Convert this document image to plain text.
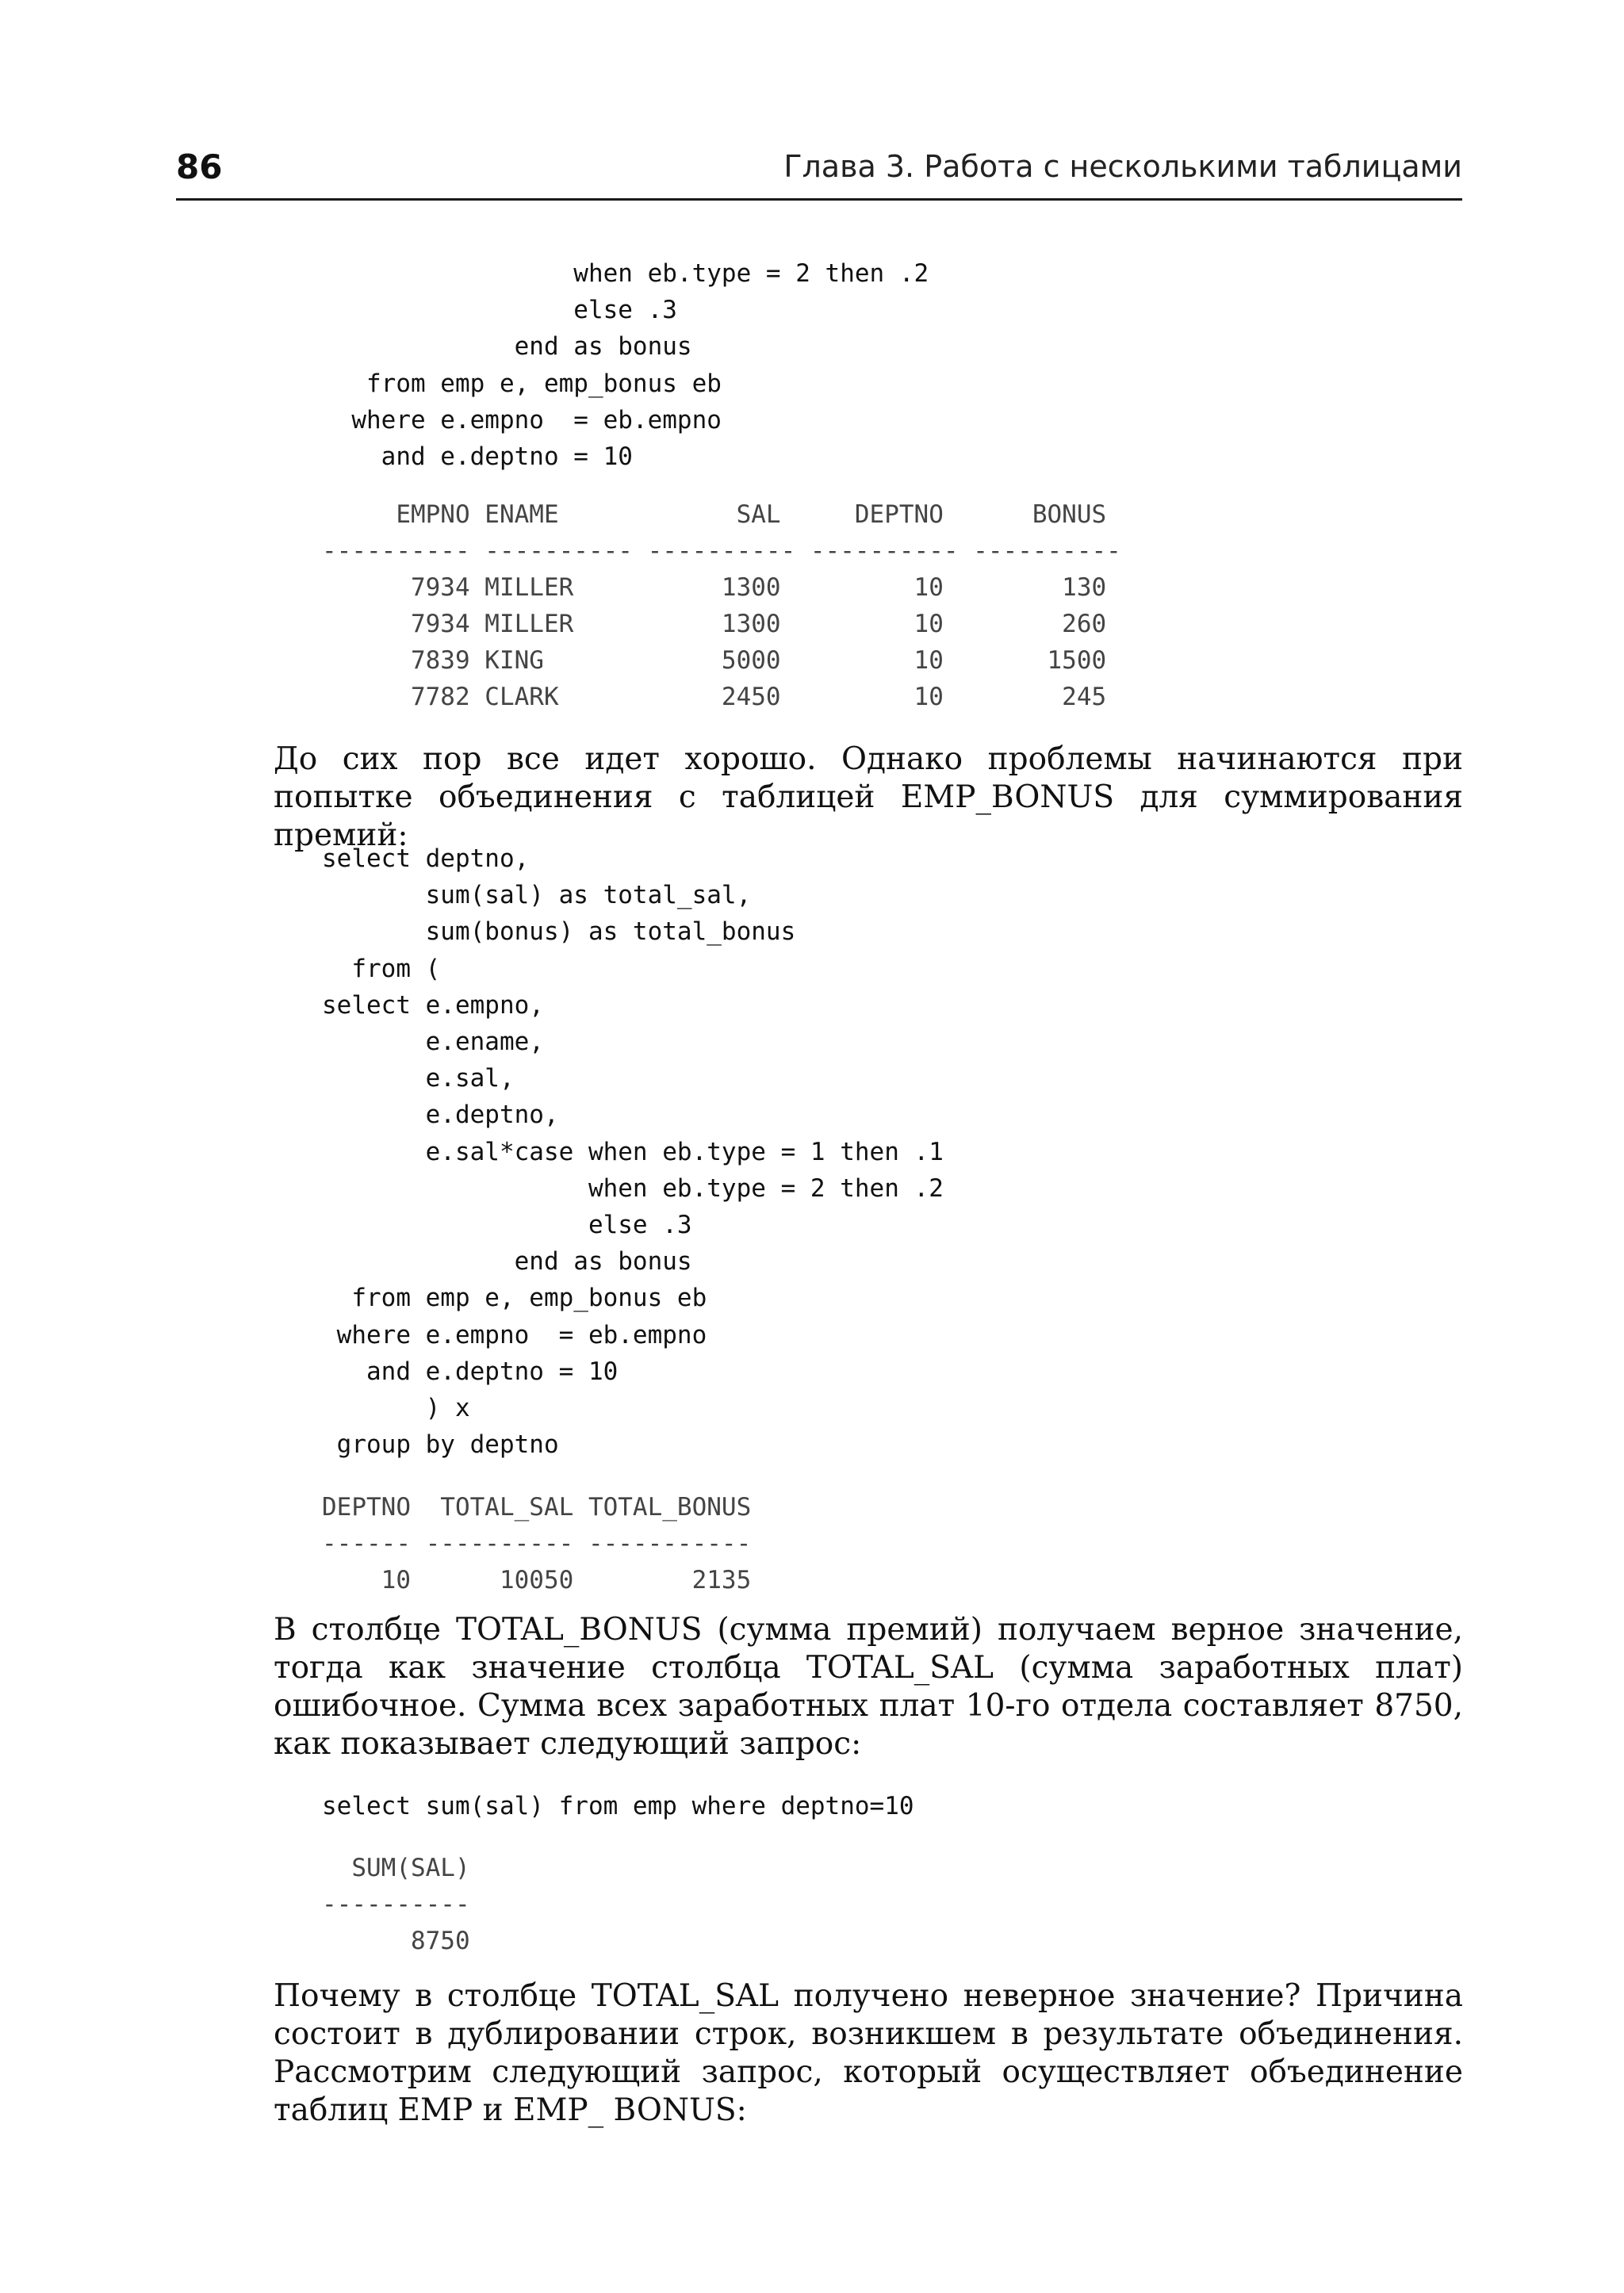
86	Глава 3. Работа с несколькими таблицами
when eb.type = 2 then .2
else .3
end as bonus
from emp e, emp_bonus eb
where e.empno  = eb.empno
and e.deptno = 10
EMPNO ENAME            SAL     DEPTNO      BONUS
---------- ---------- ---------- ---------- ----------
7934 MILLER          1300         10        130
7934 MILLER          1300         10        260
7839 KING            5000         10       1500
7782 CLARK           2450         10        245

До сих пор все идет хорошо. Однако проблемы начинаются при попытке объединения с таблицей EMP_BONUS для суммирования премий:

select deptno,
sum(sal) as total_sal,
sum(bonus) as total_bonus
from (
select e.empno,
e.ename,
e.sal,
e.deptno,
e.sal*case when eb.type = 1 then .1
when eb.type = 2 then .2
else .3
end as bonus
from emp e, emp_bonus eb
where e.empno  = eb.empno
and e.deptno = 10
) x
group by deptno
DEPTNO  TOTAL_SAL TOTAL_BONUS
------ ---------- -----------
10      10050        2135

В столбце TOTAL_BONUS (сумма премий) получаем верное значение, тогда как значение столбца TOTAL_SAL (сумма заработных плат) ошибочное. Сумма всех заработных плат 10-го отдела составляет 8750, как показывает следующий запрос:

select sum(sal) from emp where deptno=10
SUM(SAL)
----------
8750

Почему в столбце TOTAL_SAL получено неверное значение? Причина состоит в дублировании строк, возникшем в результате объединения. Рассмотрим следующий запрос, который осуществляет объединение таблиц EMP и EMP_ BONUS:
